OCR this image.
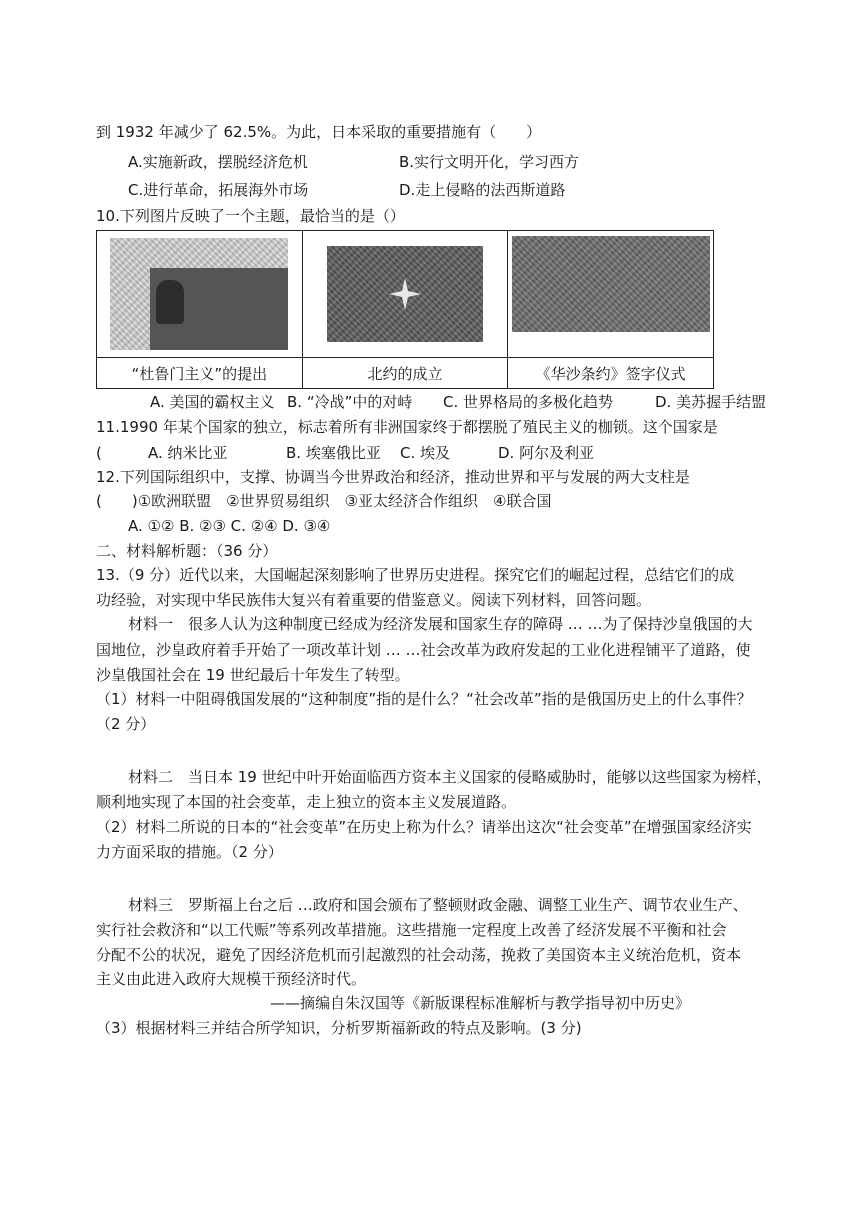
到 1932 年减少了 62.5%。为此，日本采取的重要措施有（　　）
A.实施新政，摆脱经济危机	B.实行文明开化，学习西方
C.进行革命，拓展海外市场	D.走上侵略的法西斯道路
10.下列图片反映了一个主题，最恰当的是（）

“杜鲁门主义”的提出	北约的成立	《华沙条约》签字仪式
A. 美国的霸权主义 B. “冷战”中的对峙 C. 世界格局的多极化趋势	D. 美苏握手结盟
11.1990 年某个国家的独立，标志着所有非洲国家终于都摆脱了殖民主义的枷锁。这个国家是
(	A. 纳米比亚	B. 埃塞俄比亚 C. 埃及	D. 阿尔及利亚
12.下列国际组织中，支撑、协调当今世界政治和经济，推动世界和平与发展的两大支柱是
(　　)①欧洲联盟　②世界贸易组织　③亚太经济合作组织　④联合国
A. ①② B. ②③ C. ②④ D. ③④
二、材料解析题：（36 分）
13.（9 分）近代以来，大国崛起深刻影响了世界历史进程。探究它们的崛起过程，总结它们的成
功经验，对实现中华民族伟大复兴有着重要的借鉴意义。阅读下列材料，回答问题。
材料一　很多人认为这种制度已经成为经济发展和国家生存的障碍 … …为了保持沙皇俄国的大
国地位，沙皇政府着手开始了一项改革计划 … …社会改革为政府发起的工业化进程铺平了道路，使
沙皇俄国社会在 19 世纪最后十年发生了转型。
（1）材料一中阻碍俄国发展的“这种制度”指的是什么？“社会改革”指的是俄国历史上的什么事件？
（2 分）
材料二　当日本 19 世纪中叶开始面临西方资本主义国家的侵略威胁时，能够以这些国家为榜样，
顺利地实现了本国的社会变革，走上独立的资本主义发展道路。
（2）材料二所说的日本的“社会变革”在历史上称为什么？请举出这次“社会变革”在增强国家经济实
力方面采取的措施。（2 分）
材料三　罗斯福上台之后 …政府和国会颁布了整顿财政金融、调整工业生产、调节农业生产、
实行社会救济和“以工代赈”等系列改革措施。这些措施一定程度上改善了经济发展不平衡和社会
分配不公的状况，避免了因经济危机而引起激烈的社会动荡，挽救了美国资本主义统治危机，资本
主义由此进入政府大规模干预经济时代。
——摘编自朱汉国等《新版课程标准解析与教学指导初中历史》
（3）根据材料三并结合所学知识，分析罗斯福新政的特点及影响。(3 分)
